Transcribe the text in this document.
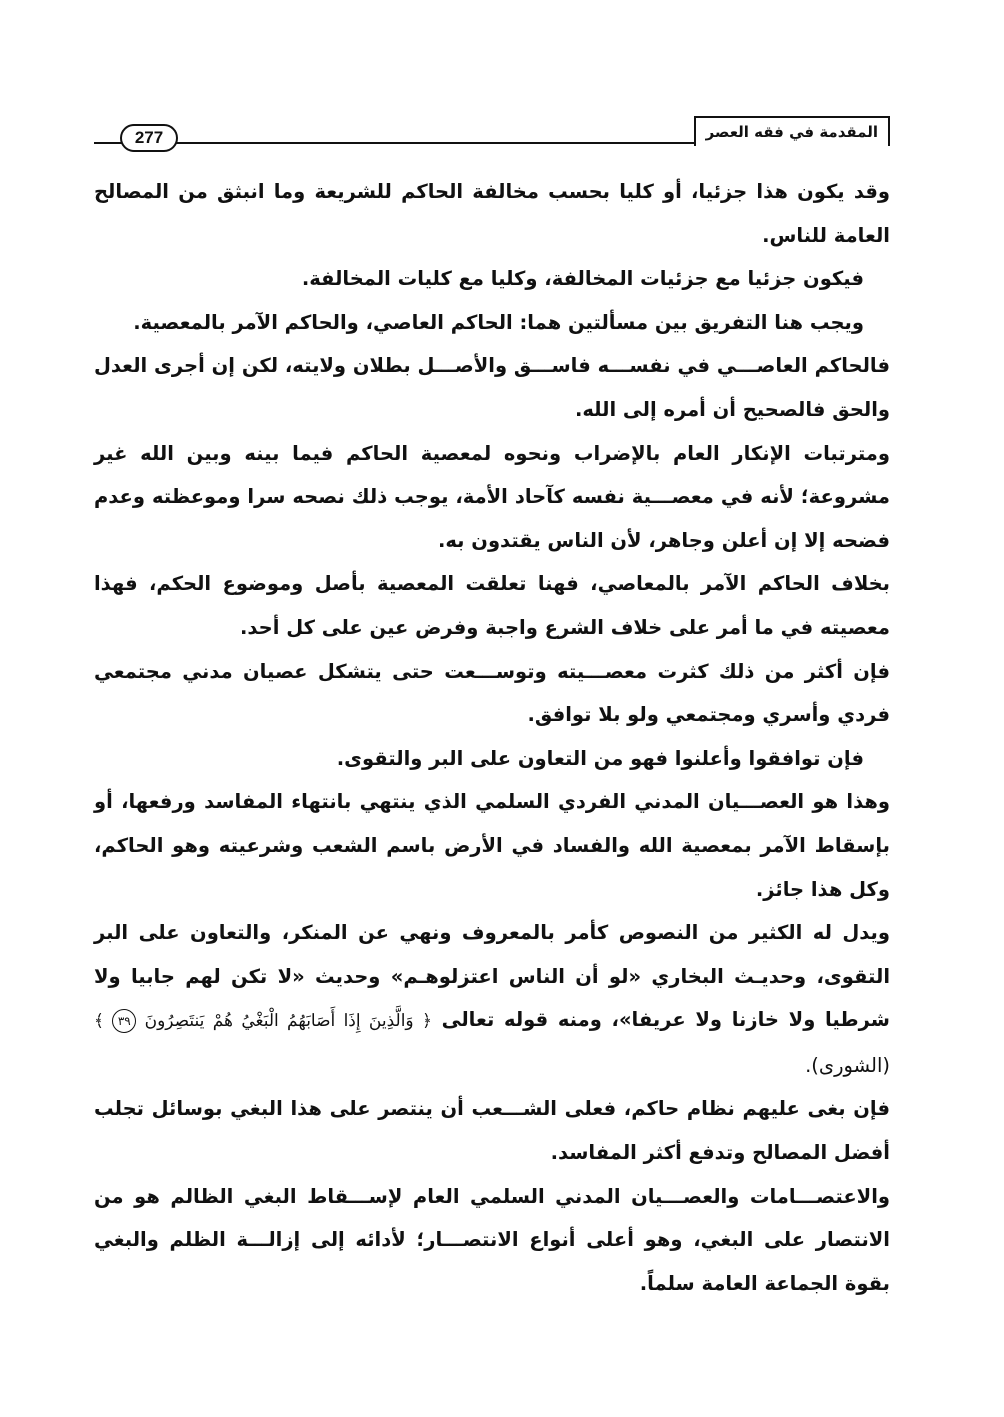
277	المقدمة في فقه العصر

وقد يكون هذا جزئيا، أو كليا بحسب مخالفة الحاكم للشريعة وما انبثق من المصالح العامة للناس.

فيكون جزئيا مع جزئيات المخالفة، وكليا مع كليات المخالفة.

ويجب هنا التفريق بين مسألتين هما: الحاكم العاصي، والحاكم الآمر بالمعصية.

فالحاكم العاصـــي في نفســـه فاســـق والأصـــل بطلان ولايته، لكن إن أجرى العدل والحق فالصحيح أن أمره إلى الله.

ومترتبات الإنكار العام بالإضراب ونحوه لمعصية الحاكم فيما بينه وبين الله غير مشروعة؛ لأنه في معصـــية نفسه كآحاد الأمة، يوجب ذلك نصحه سرا وموعظته وعدم فضحه إلا إن أعلن وجاهر، لأن الناس يقتدون به.

بخلاف الحاكم الآمر بالمعاصي، فهنا تعلقت المعصية بأصل وموضوع الحكم، فهذا معصيته في ما أمر على خلاف الشرع واجبة وفرض عين على كل أحد.

فإن أكثر من ذلك كثرت معصـــيته وتوســـعت حتى يتشكل عصيان مدني مجتمعي فردي وأسري ومجتمعي ولو بلا توافق.

فإن توافقوا وأعلنوا فهو من التعاون على البر والتقوى.

وهذا هو العصـــيان المدني الفردي السلمي الذي ينتهي بانتهاء المفاسد ورفعها، أو بإسقاط الآمر بمعصية الله والفساد في الأرض باسم الشعب وشرعيته وهو الحاكم، وكل هذا جائز.

ويدل له الكثير من النصوص كأمر بالمعروف ونهي عن المنكر، والتعاون على البر التقوى، وحديـث البخاري «لو أن الناس اعتزلوهـم» وحديث «لا تكن لهم جابيا ولا شرطيا ولا خازنا ولا عريفا»، ومنه قوله تعالى ﴿ وَالَّذِينَ إِذَا أَصَابَهُمُ الْبَغْيُ هُمْ يَنتَصِرُونَ ٣٩ ﴾ (الشورى).

فإن بغى عليهم نظام حاكم، فعلى الشـــعب أن ينتصر على هذا البغي بوسائل تجلب أفضل المصالح وتدفع أكثر المفاسد.

والاعتصـــامات والعصـــيان المدني السلمي العام لإســـقاط البغي الظالم هو من الانتصار على البغي، وهو أعلى أنواع الانتصـــار؛ لأدائه إلى إزالـــة الظلم والبغي بقوة الجماعة العامة سلماً.
